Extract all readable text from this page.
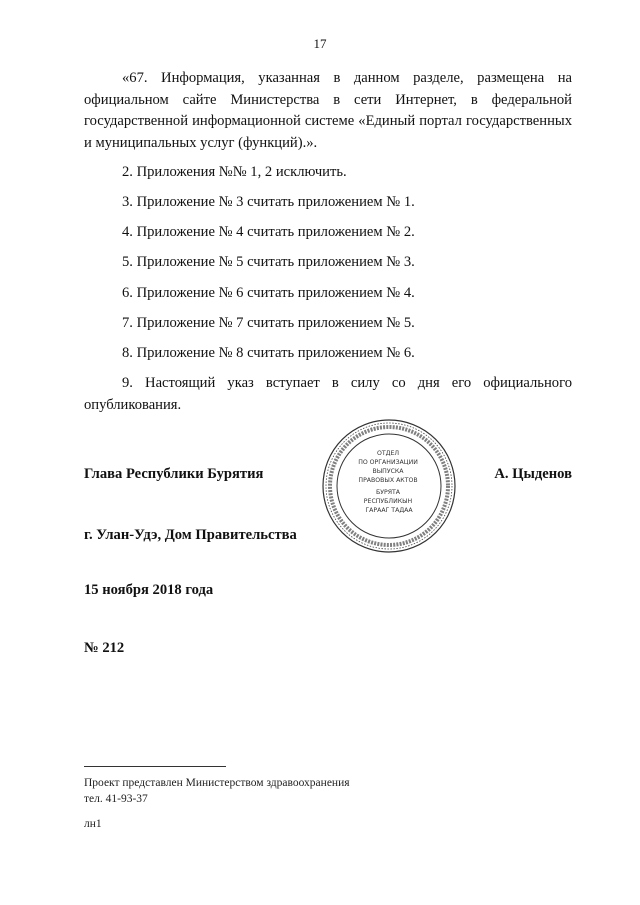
17

«67. Информация, указанная в данном разделе, размещена на официальном сайте Министерства в сети Интернет, в федеральной государственной информационной системе «Единый портал государственных и муниципальных услуг (функций).».

2. Приложения №№ 1, 2 исключить.
3. Приложение № 3 считать приложением № 1.
4. Приложение № 4 считать приложением № 2.
5. Приложение № 5 считать приложением № 3.
6. Приложение № 6 считать приложением № 4.
7. Приложение № 7 считать приложением № 5.
8. Приложение № 8 считать приложением № 6.

9. Настоящий указ вступает в силу со дня его официального опубликования.

ОТДЕЛ ПО ОРГАНИЗАЦИИ ВЫПУСКА ПРАВОВЫХ АКТОВ БУРЯТА РЕСПУБЛИКЫН ГАРААГ ТАДАА
Глава Республики Бурятия	А. Цыденов
г. Улан-Удэ, Дом Правительства
15 ноября 2018 года
№ 212
Проект представлен Министерством здравоохранения
тел. 41-93-37
лн1
